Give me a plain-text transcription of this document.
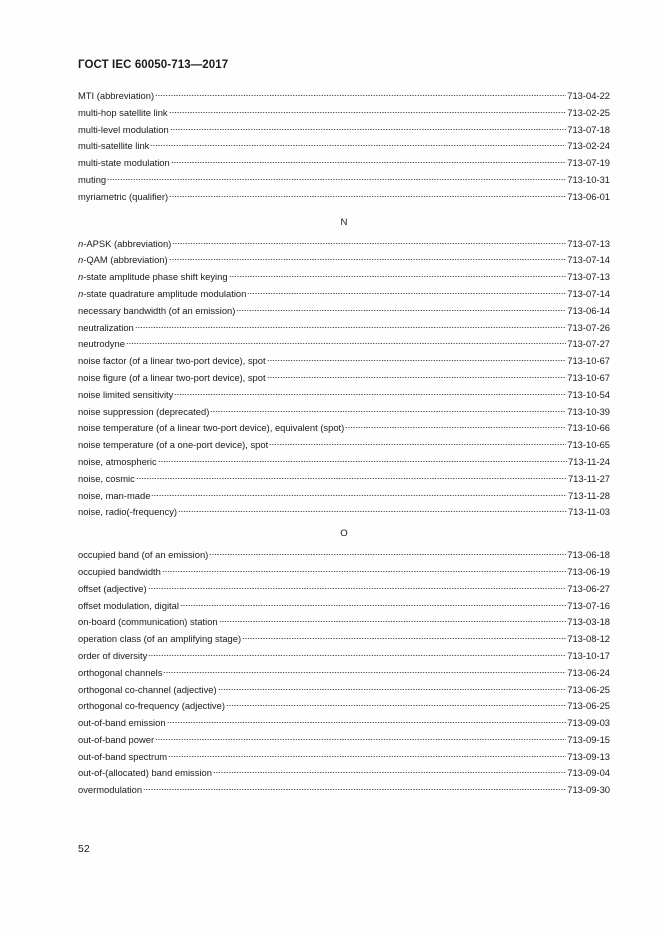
ГОСТ IEC 60050-713—2017
MTI (abbreviation)	713-04-22
multi-hop satellite link	713-02-25
multi-level modulation	713-07-18
multi-satellite link	713-02-24
multi-state modulation	713-07-19
muting	713-10-31
myriametric (qualifier)	713-06-01
N
n-APSK (abbreviation)	713-07-13
n-QAM (abbreviation)	713-07-14
n-state amplitude phase shift keying	713-07-13
n-state quadrature amplitude modulation	713-07-14
necessary bandwidth (of an emission)	713-06-14
neutralization	713-07-26
neutrodyne	713-07-27
noise factor (of a linear two-port device), spot	713-10-67
noise figure (of a linear two-port device), spot	713-10-67
noise limited sensitivity	713-10-54
noise suppression (deprecated)	713-10-39
noise temperature (of a linear two-port device), equivalent (spot)	713-10-66
noise temperature (of a one-port device), spot	713-10-65
noise, atmospheric	713-11-24
noise, cosmic	713-11-27
noise, man-made	713-11-28
noise, radio(-frequency)	713-11-03
O
occupied band (of an emission)	713-06-18
occupied bandwidth	713-06-19
offset (adjective)	713-06-27
offset modulation, digital	713-07-16
on-board (communication) station	713-03-18
operation class (of an amplifying stage)	713-08-12
order of diversity	713-10-17
orthogonal channels	713-06-24
orthogonal co-channel (adjective)	713-06-25
orthogonal co-frequency (adjective)	713-06-25
out-of-band emission	713-09-03
out-of-band power	713-09-15
out-of-band spectrum	713-09-13
out-of-(allocated) band emission	713-09-04
overmodulation	713-09-30
52
